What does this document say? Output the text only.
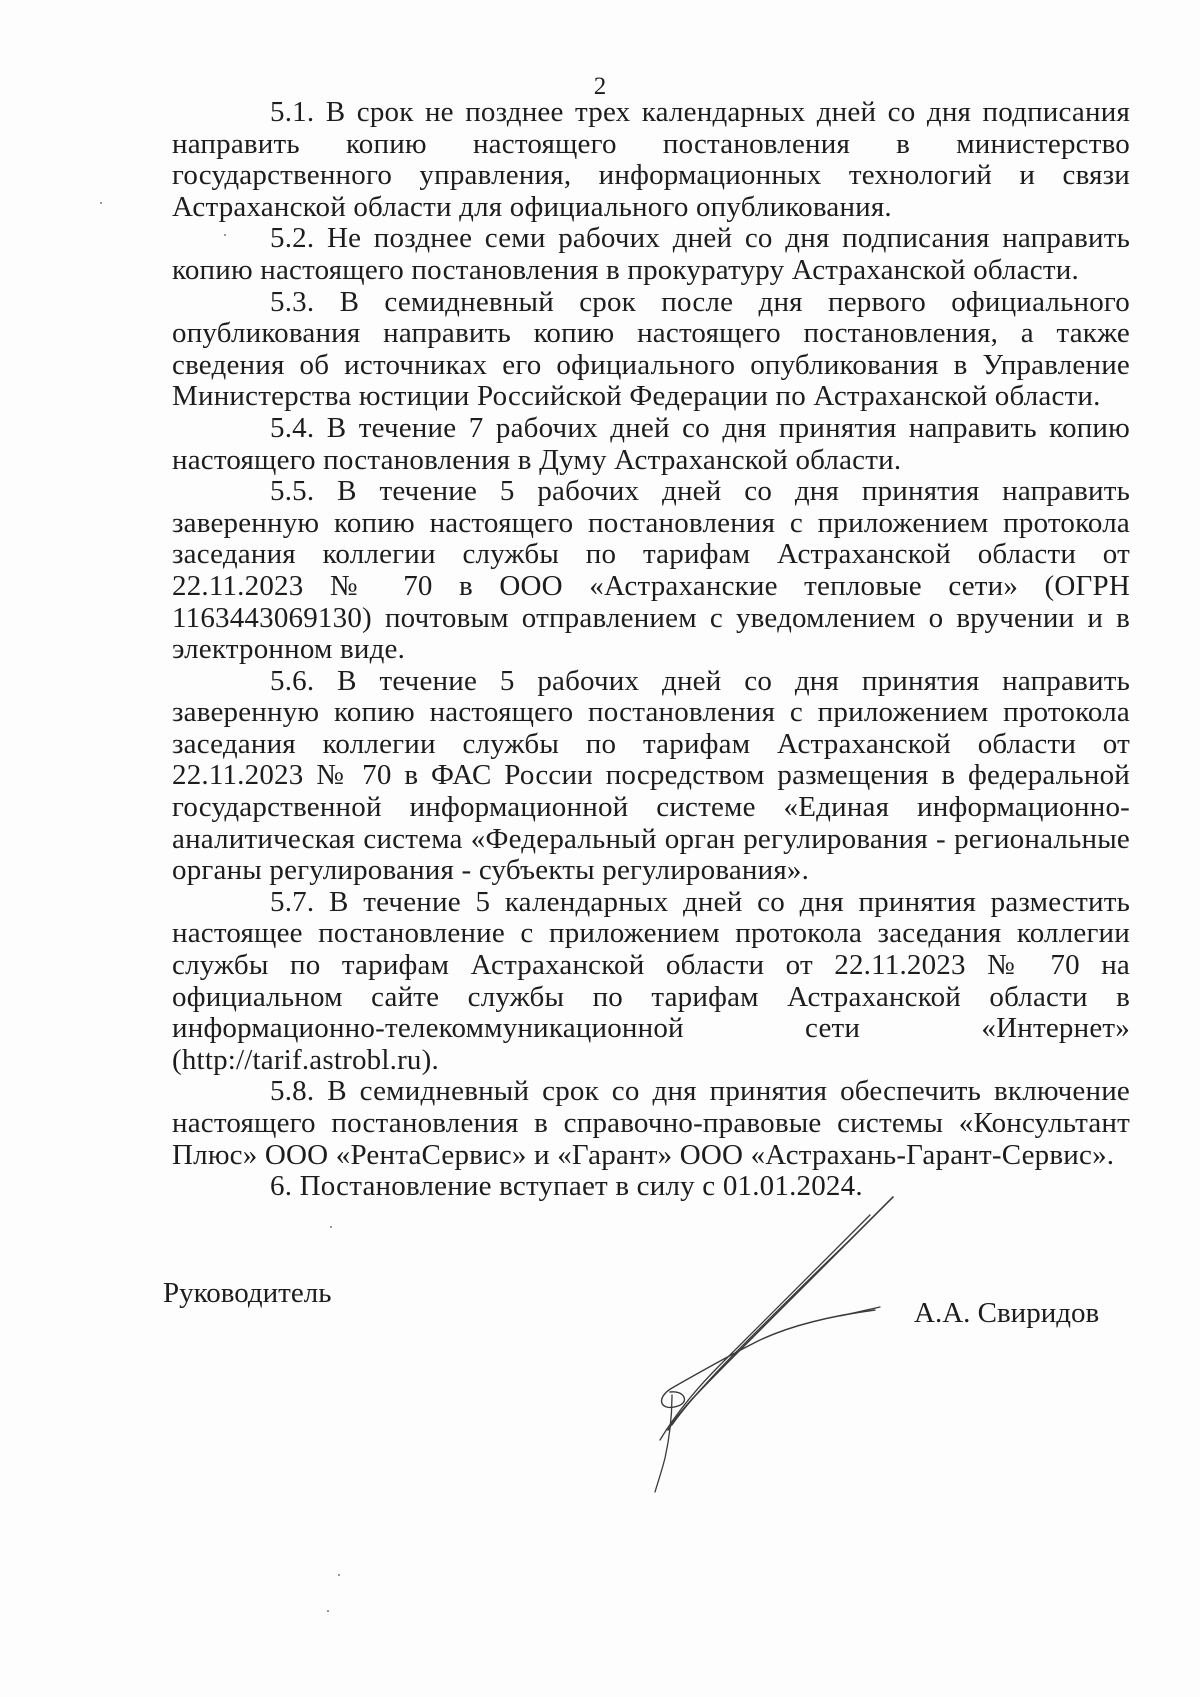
2

5.1. В срок не позднее трех календарных дней со дня подписания направить копию настоящего постановления в министерство государственного управления, информационных технологий и связи Астраханской области для официального опубликования.

5.2. Не позднее семи рабочих дней со дня подписания направить копию настоящего постановления в прокуратуру Астраханской области.

5.3. В семидневный срок после дня первого официального опубликования направить копию настоящего постановления, а также сведения об источниках его официального опубликования в Управление Министерства юстиции Российской Федерации по Астраханской области.

5.4. В течение 7 рабочих дней со дня принятия направить копию настоящего постановления в Думу Астраханской области.

5.5. В течение 5 рабочих дней со дня принятия направить заверенную копию настоящего постановления с приложением протокола заседания коллегии службы по тарифам Астраханской области от 22.11.2023 № 70 в ООО «Астраханские тепловые сети» (ОГРН 1163443069130) почтовым отправлением с уведомлением о вручении и в электронном виде.

5.6. В течение 5 рабочих дней со дня принятия направить заверенную копию настоящего постановления с приложением протокола заседания коллегии службы по тарифам Астраханской области от 22.11.2023 № 70 в ФАС России посредством размещения в федеральной государственной информационной системе «Единая информационно-аналитическая система «Федеральный орган регулирования - региональные органы регулирования - субъекты регулирования».

5.7. В течение 5 календарных дней со дня принятия разместить настоящее постановление с приложением протокола заседания коллегии службы по тарифам Астраханской области от 22.11.2023 № 70 на официальном сайте службы по тарифам Астраханской области в информационно-телекоммуникационной сети «Интернет» (http://tarif.astrobl.ru).

5.8. В семидневный срок со дня принятия обеспечить включение настоящего постановления в справочно-правовые системы «Консультант Плюс» ООО «РентаСервис» и «Гарант» ООО «Астрахань-Гарант-Сервис».

6. Постановление вступает в силу с 01.01.2024.

Руководитель
А.А. Свиридов
